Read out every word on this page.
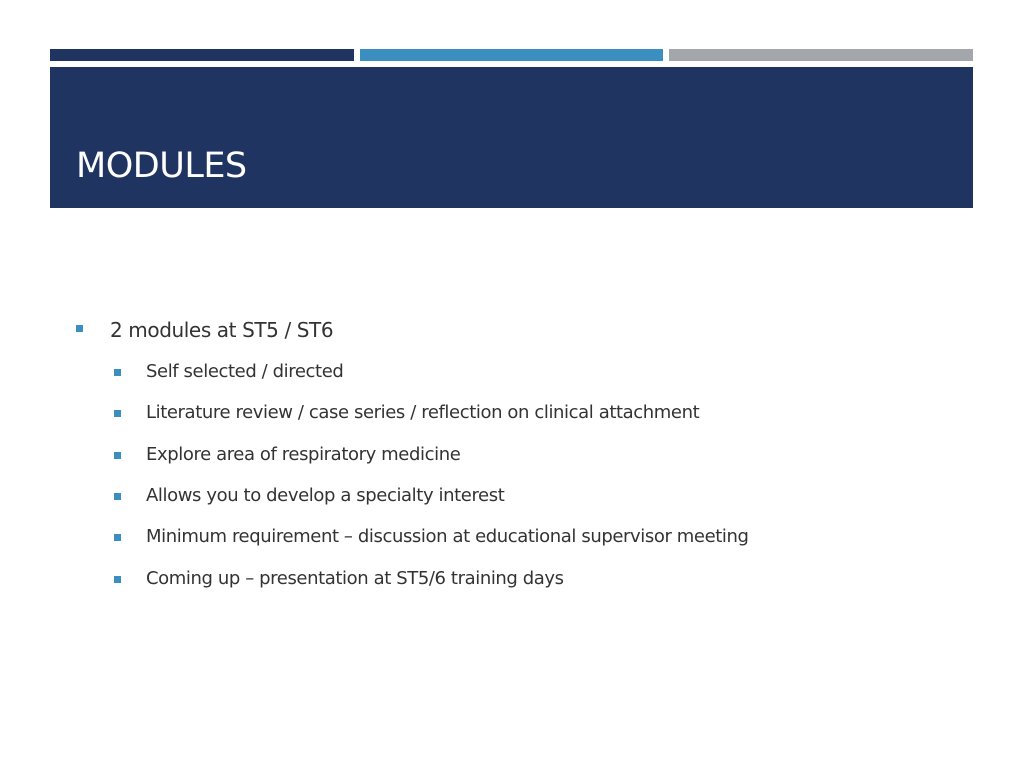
MODULES
2 modules at ST5 / ST6
Self selected / directed
Literature review / case series / reflection on clinical attachment
Explore area of respiratory medicine
Allows you to develop a specialty interest
Minimum requirement – discussion at educational supervisor meeting
Coming up – presentation at ST5/6 training days
